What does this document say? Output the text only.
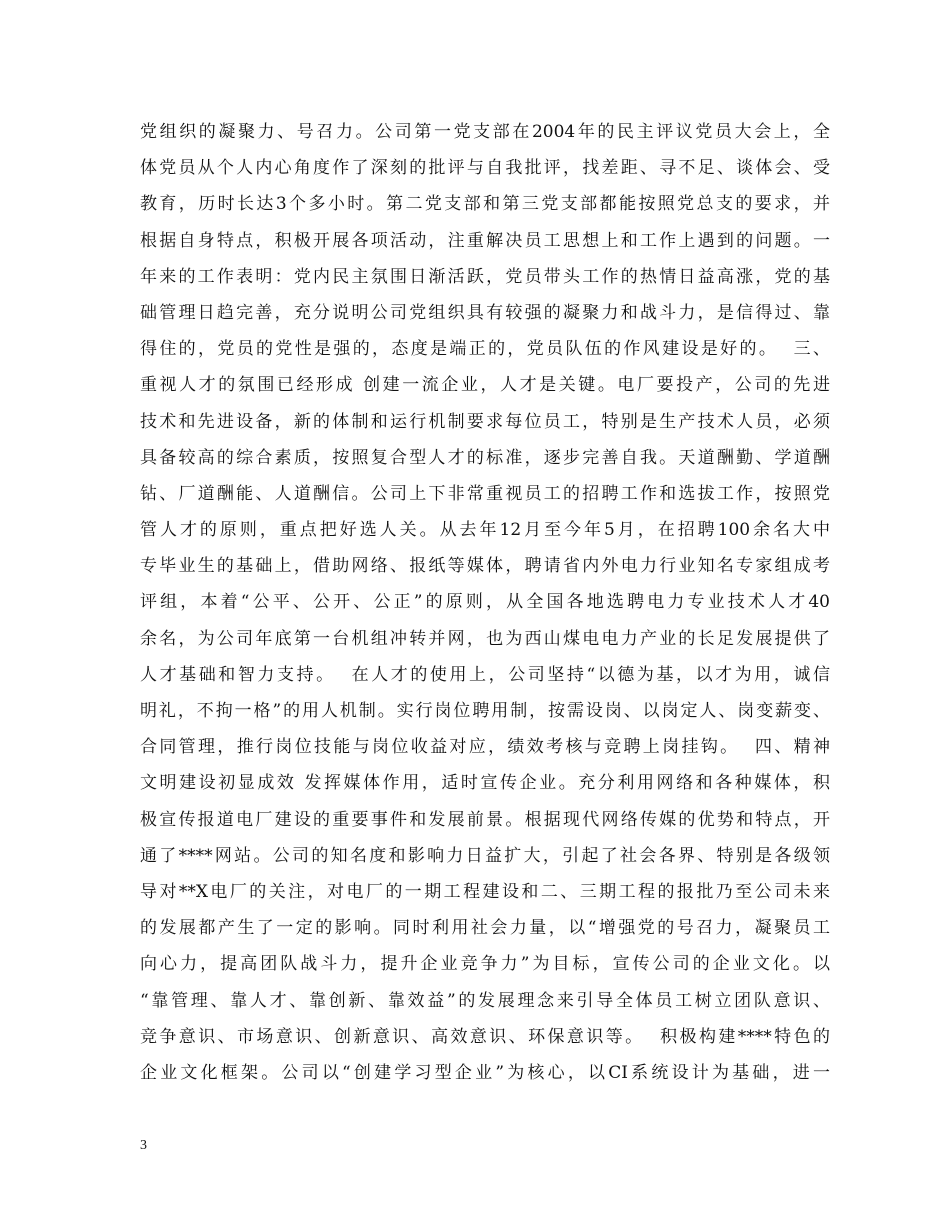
党组织的凝聚力、号召力。公司第一党支部在2004年的民主评议党员大会上，全
体党员从个人内心角度作了深刻的批评与自我批评，找差距、寻不足、谈体会、受
教育，历时长达3个多小时。第二党支部和第三党支部都能按照党总支的要求，并
根据自身特点，积极开展各项活动，注重解决员工思想上和工作上遇到的问题。一
年来的工作表明：党内民主氛围日渐活跃，党员带头工作的热情日益高涨，党的基
础管理日趋完善，充分说明公司党组织具有较强的凝聚力和战斗力，是信得过、靠
得住的，党员的党性是强的，态度是端正的，党员队伍的作风建设是好的。  三、
重视人才的氛围已经形成 创建一流企业，人才是关键。电厂要投产，公司的先进
技术和先进设备，新的体制和运行机制要求每位员工，特别是生产技术人员，必须
具备较高的综合素质，按照复合型人才的标准，逐步完善自我。天道酬勤、学道酬
钻、厂道酬能、人道酬信。公司上下非常重视员工的招聘工作和选拔工作，按照党
管人才的原则，重点把好选人关。从去年12月至今年5月，在招聘100余名大中
专毕业生的基础上，借助网络、报纸等媒体，聘请省内外电力行业知名专家组成考
评组，本着“公平、公开、公正”的原则，从全国各地选聘电力专业技术人才40
余名，为公司年底第一台机组冲转并网，也为西山煤电电力产业的长足发展提供了
人才基础和智力支持。  在人才的使用上，公司坚持“以德为基，以才为用，诚信
明礼，不拘一格”的用人机制。实行岗位聘用制，按需设岗、以岗定人、岗变薪变、
合同管理，推行岗位技能与岗位收益对应，绩效考核与竞聘上岗挂钩。  四、精神
文明建设初显成效 发挥媒体作用，适时宣传企业。充分利用网络和各种媒体，积
极宣传报道电厂建设的重要事件和发展前景。根据现代网络传媒的优势和特点，开
通了****网站。公司的知名度和影响力日益扩大，引起了社会各界、特别是各级领
导对**X电厂的关注，对电厂的一期工程建设和二、三期工程的报批乃至公司未来
的发展都产生了一定的影响。同时利用社会力量，以“增强党的号召力，凝聚员工
向心力，提高团队战斗力，提升企业竞争力”为目标，宣传公司的企业文化。以
“靠管理、靠人才、靠创新、靠效益”的发展理念来引导全体员工树立团队意识、
竞争意识、市场意识、创新意识、高效意识、环保意识等。  积极构建****特色的
企业文化框架。公司以“创建学习型企业”为核心，以CI系统设计为基础，进一
3
